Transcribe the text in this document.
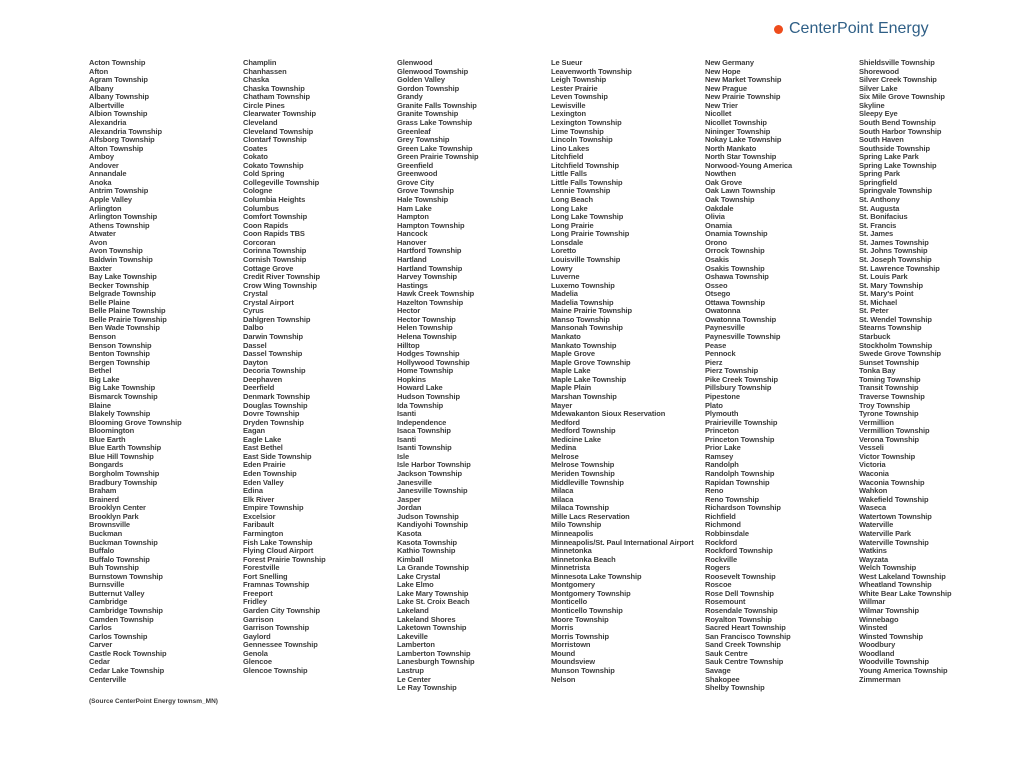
CenterPoint Energy
Acton Township
Afton
Agram Township
Albany
Albany Township
Albertville
Albion Township
Alexandria
Alexandria Township
Alfsborg Township
Alton Township
Amboy
Andover
Annandale
Anoka
Antrim Township
Apple Valley
Arlington
Arlington Township
Athens Township
Atwater
Avon
Avon Township
Baldwin Township
Baxter
Bay Lake Township
Becker Township
Belgrade Township
Belle Plaine
Belle Plaine Township
Belle Prairie Township
Ben Wade Township
Benson
Benson Township
Benton Township
Bergen Township
Bethel
Big Lake
Big Lake Township
Bismarck Township
Blaine
Blakely Township
Blooming Grove Township
Bloomington
Blue Earth
Blue Earth Township
Blue Hill Township
Bongards
Borgholm Township
Bradbury Township
Braham
Brainerd
Brooklyn Center
Brooklyn Park
Brownsville
Buckman
Buckman Township
Buffalo
Buffalo Township
Buh Township
Burnstown Township
Burnsville
Butternut Valley
Cambridge
Cambridge Township
Camden Township
Carlos
Carlos Township
Carver
Castle Rock Township
Cedar
Cedar Lake Township
Centerville
Champlin
Chanhassen
Chaska
Chaska Township
Chatham Township
Circle Pines
Clearwater Township
Cleveland
Cleveland Township
Clontarf Township
Coates
Cokato
Cokato Township
Cold Spring
Collegeville Township
Cologne
Columbia Heights
Columbus
Comfort Township
Coon Rapids
Coon Rapids TBS
Corcoran
Corinna Township
Cornish Township
Cottage Grove
Credit River Township
Crow Wing Township
Crystal
Crystal Airport
Cyrus
Dahlgren Township
Dalbo
Darwin Township
Dassel
Dassel Township
Dayton
Decoria Township
Deephaven
Deerfield
Denmark Township
Douglas Township
Dovre Township
Dryden Township
Eagan
Eagle Lake
East Bethel
East Side Township
Eden Prairie
Eden Township
Eden Valley
Edina
Elk River
Empire Township
Excelsior
Faribault
Farmington
Fish Lake Township
Flying Cloud Airport
Forest Prairie Township
Forestville
Fort Snelling
Framnas Township
Freeport
Fridley
Garden City Township
Garrison
Garrison Township
Gaylord
Gennessee Township
Genola
Glencoe
Glencoe Township
Glenwood
Glenwood Township
Golden Valley
Gordon Township
Grandy
Granite Falls Township
Granite Township
Grass Lake Township
Greenleaf
Grey Township
Green Lake Township
Green Prairie Township
Greenfield
Greenwood
Grove City
Grove Township
Hale Township
Ham Lake
Hampton
Hampton Township
Hancock
Hanover
Hartford Township
Hartland
Hartland Township
Harvey Township
Hastings
Hawk Creek Township
Hazelton Township
Hector
Hector Township
Helen Township
Helena Township
Hilltop
Hodges Township
Hollywood Township
Home Township
Hopkins
Howard Lake
Hudson Township
Ida Township
Isanti
Independence
Isaca Township
Isanti
Isanti Township
Isle
Isle Harbor Township
Jackson Township
Janesville
Janesville Township
Jasper
Jordan
Judson Township
Kandiyohi Township
Kasota
Kasota Township
Kathio Township
Kimball
La Grande Township
Lake Crystal
Lake Elmo
Lake Mary Township
Lake St. Croix Beach
Lakeland
Lakeland Shores
Laketown Township
Lakeville
Lamberton
Lamberton Township
Lanesburgh Township
Lastrup
Le Center
Le Ray Township
Le Sueur
Leavenworth Township
Leigh Township
Lester Prairie
Leven Township
Lewisville
Lexington
Lexington Township
Lime Township
Lincoln Township
Lino Lakes
Litchfield
Litchfield Township
Little Falls
Little Falls Township
Lennie Township
Long Beach
Long Lake
Long Lake Township
Long Prairie
Long Prairie Township
Lonsdale
Loretto
Louisville Township
Lowry
Luverne
Luxemo Township
Madelia
Madelia Township
Maine Prairie Township
Manso Township
Mansonah Township
Mankato
Mankato Township
Maple Grove
Maple Grove Township
Maple Lake
Maple Lake Township
Maple Plain
Marshan Township
Mayer
Mdewakanton Sioux Reservation
Medford
Medford Township
Medicine Lake
Medina
Melrose
Melrose Township
Meriden Township
Middleville Township
Milaca
Milaca
Milaca Township
Mille Lacs Reservation
Milo Township
Minneapolis
Minneapolis/St. Paul International Airport
Minnetonka
Minnetonka Beach
Minnetrista
Minnesota Lake Township
Montgomery
Montgomery Township
Monticello
Monticello Township
Moore Township
Morris
Morris Township
Morristown
Mound
Moundsview
Munson Township
Nelson
New Germany
New Hope
New Market Township
New Prague
New Prairie Township
New Trier
Nicollet
Nicollet Township
Nininger Township
Nokay Lake Township
North Mankato
North Star Township
Norwood-Young America
Nowthen
Oak Grove
Oak Lawn Township
Oak Township
Oakdale
Olivia
Onamia
Onamia Township
Orono
Orrock Township
Osakis
Osakis Township
Oshawa Township
Osseo
Otsego
Ottawa Township
Owatonna
Owatonna Township
Paynesville
Paynesville Township
Pease
Pennock
Pierz
Pierz Township
Pike Creek Township
Pillsbury Township
Pipestone
Plato
Plymouth
Prairieville Township
Princeton
Princeton Township
Prior Lake
Ramsey
Randolph
Randolph Township
Rapidan Township
Reno
Reno Township
Richardson Township
Richfield
Richmond
Robbinsdale
Rockford
Rockford Township
Rockville
Rogers
Roosevelt Township
Roscoe
Rose Dell Township
Rosemount
Rosendale Township
Royalton Township
Sacred Heart Township
San Francisco Township
Sand Creek Township
Sauk Centre
Sauk Centre Township
Savage
Shakopee
Shelby Township
Shieldsville Township
Shorewood
Silver Creek Township
Silver Lake
Six Mile Grove Township
Skyline
Sleepy Eye
South Bend Township
South Harbor Township
South Haven
Southside Township
Spring Lake Park
Spring Lake Township
Spring Park
Springfield
Springvale Township
St. Anthony
St. Augusta
St. Bonifacius
St. Francis
St. James
St. James Township
St. Johns Township
St. Joseph Township
St. Lawrence Township
St. Louis Park
St. Mary Township
St. Mary's Point
St. Michael
St. Peter
St. Wendel Township
Stearns Township
Starbuck
Stockholm Township
Swede Grove Township
Sunset Township
Tonka Bay
Toming Township
Transit Township
Traverse Township
Troy Township
Tyrone Township
Vermillion
Vermillion Township
Verona Township
Vesseli
Victor Township
Victoria
Waconia
Waconia Township
Wahkon
Wakefield Township
Waseca
Watertown Township
Waterville
Waterville Park
Waterville Township
Watkins
Wayzata
Welch Township
West Lakeland Township
Wheatland Township
White Bear Lake Township
Willmar
Wilmar Township
Winnebago
Winsted
Winsted Township
Woodbury
Woodland
Woodville Township
Young America Township
Zimmerman
(Source CenterPoint Energy townsm_MN)
